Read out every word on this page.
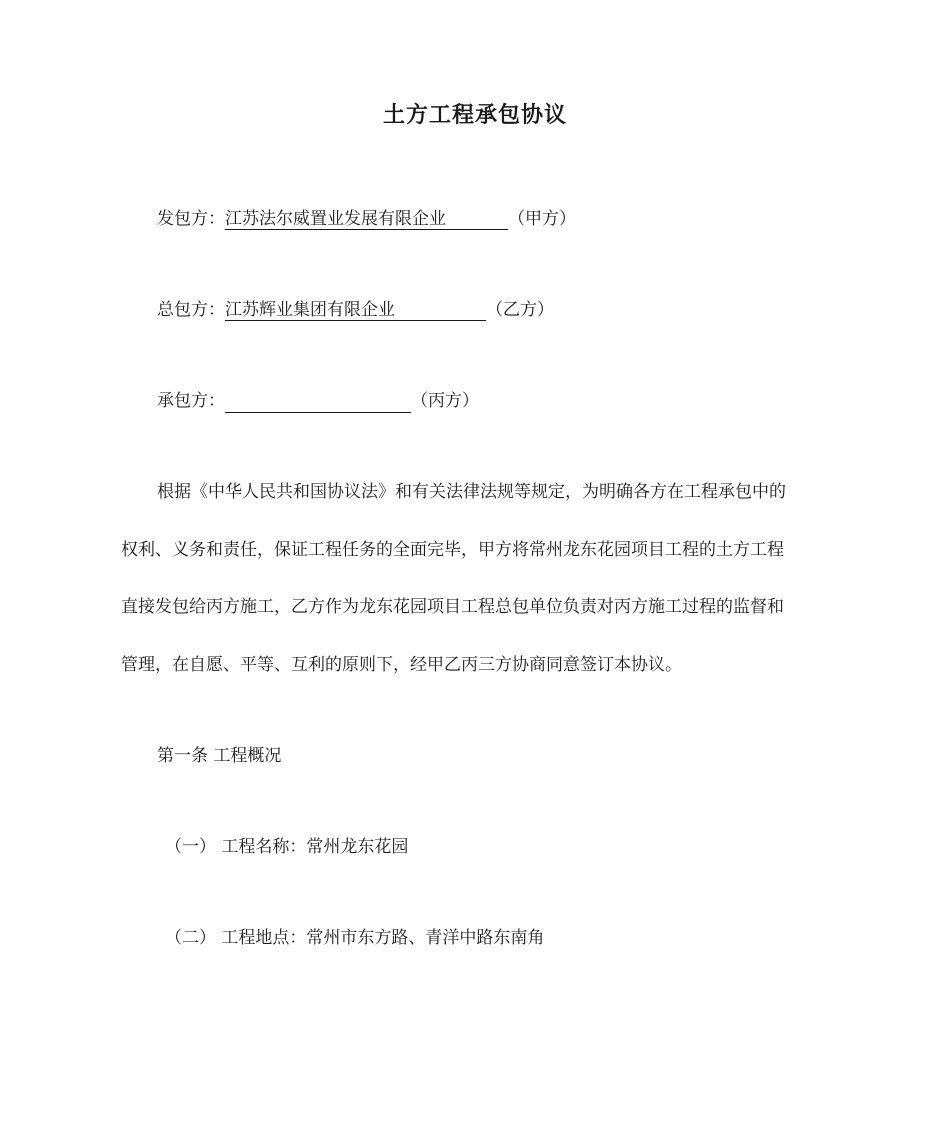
土方工程承包协议
发包方：江苏法尔威置业发展有限企业	（甲方）
总包方：江苏辉业集团有限企业	（乙方）
承包方：	（丙方）
根据《中华人民共和国协议法》和有关法律法规等规定，为明确各方在工程承包中的
权利、义务和责任，保证工程任务的全面完毕，甲方将常州龙东花园项目工程的土方工程
直接发包给丙方施工，乙方作为龙东花园项目工程总包单位负责对丙方施工过程的监督和
管理，在自愿、平等、互利的原则下，经甲乙丙三方协商同意签订本协议。
第一条 工程概况
（一） 工程名称：常州龙东花园
（二） 工程地点：常州市东方路、青洋中路东南角
